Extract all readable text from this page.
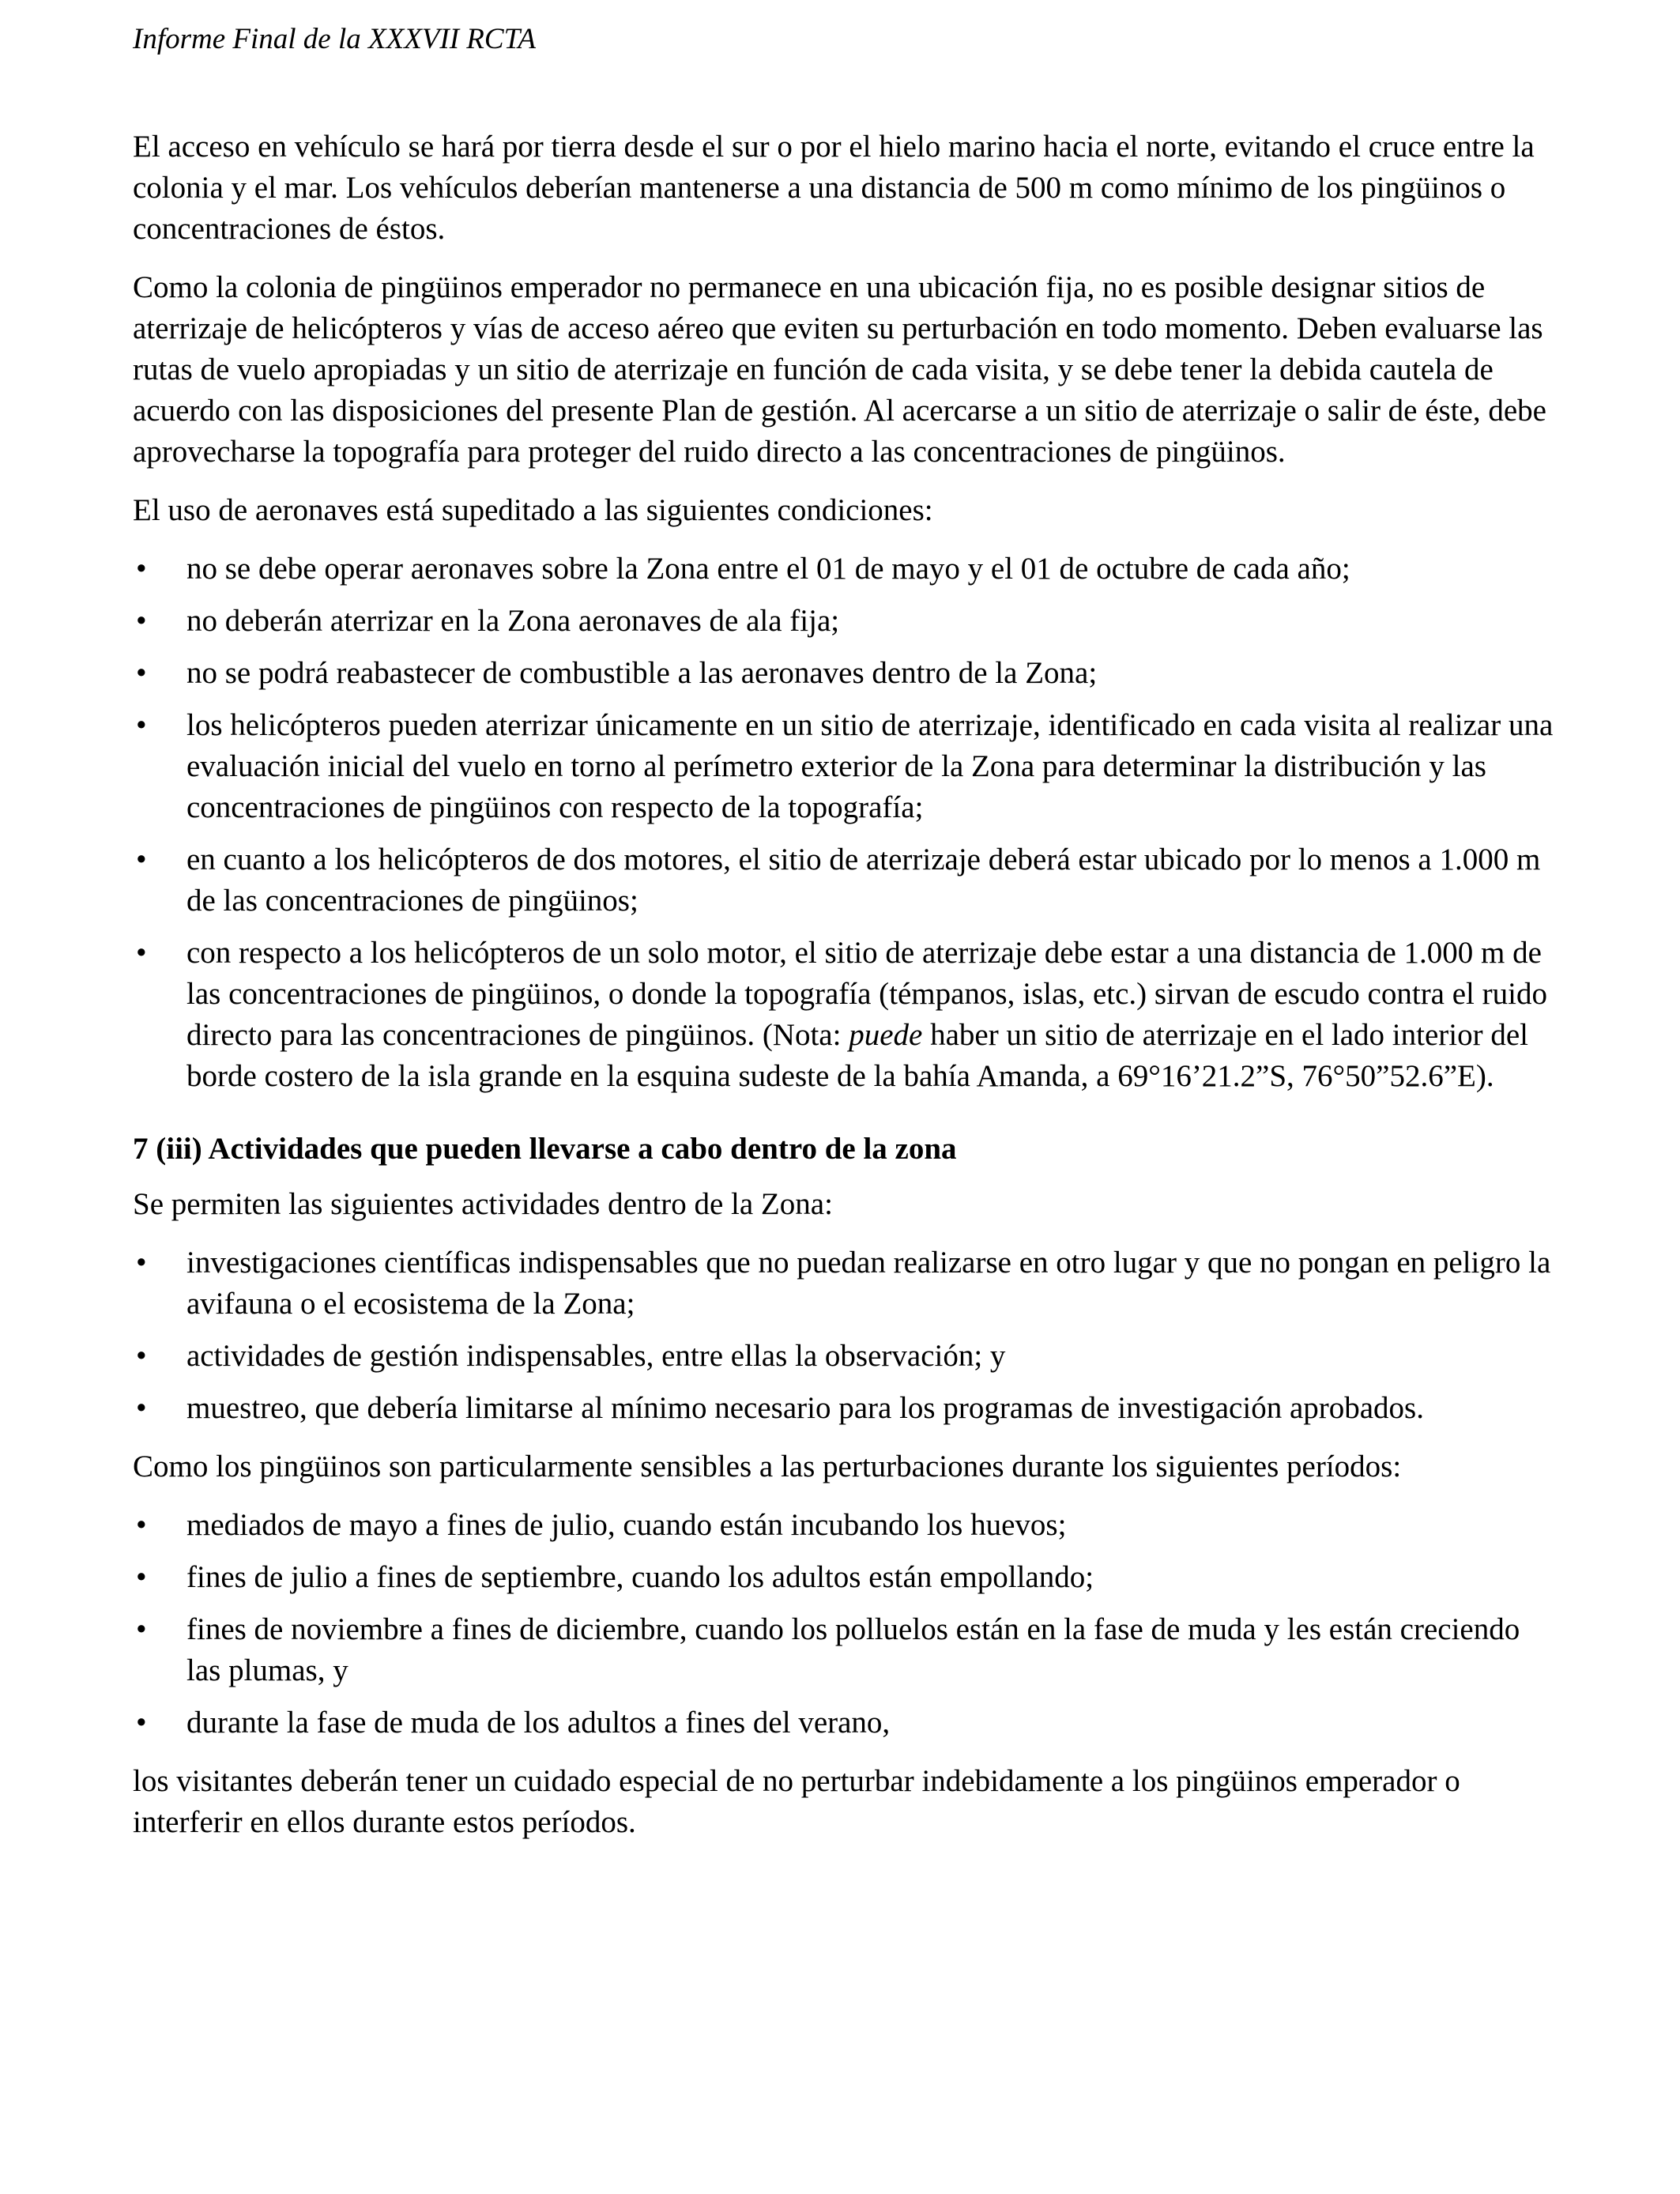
Informe Final de la XXXVII RCTA

El acceso en vehículo se hará por tierra desde el sur o por el hielo marino hacia el norte, evitando el cruce entre la colonia y el mar. Los vehículos deberían mantenerse a una distancia de 500 m como mínimo de los pingüinos o concentraciones de éstos.

Como la colonia de pingüinos emperador no permanece en una ubicación fija, no es posible designar sitios de aterrizaje de helicópteros y vías de acceso aéreo que eviten su perturbación en todo momento. Deben evaluarse las rutas de vuelo apropiadas y un sitio de aterrizaje en función de cada visita, y se debe tener la debida cautela de acuerdo con las disposiciones del presente Plan de gestión. Al acercarse a un sitio de aterrizaje o salir de éste, debe aprovecharse la topografía para proteger del ruido directo a las concentraciones de pingüinos.

El uso de aeronaves está supeditado a las siguientes condiciones:

•	no se debe operar aeronaves sobre la Zona entre el 01 de mayo y el 01 de octubre de cada año;
•	no deberán aterrizar en la Zona aeronaves de ala fija;
•	no se podrá reabastecer de combustible a las aeronaves dentro de la Zona;
•	los helicópteros pueden aterrizar únicamente en un sitio de aterrizaje, identificado en cada visita al realizar una evaluación inicial del vuelo en torno al perímetro exterior de la Zona para determinar la distribución y las concentraciones de pingüinos con respecto de la topografía;
•	en cuanto a los helicópteros de dos motores, el sitio de aterrizaje deberá estar ubicado por lo menos a 1.000 m de las concentraciones de pingüinos;
•	con respecto a los helicópteros de un solo motor, el sitio de aterrizaje debe estar a una distancia de 1.000 m de las concentraciones de pingüinos, o donde la topografía (témpanos, islas, etc.) sirvan de escudo contra el ruido directo para las concentraciones de pingüinos. (Nota: puede haber un sitio de aterrizaje en el lado interior del borde costero de la isla grande en la esquina sudeste de la bahía Amanda, a 69°16’21.2”S, 76°50”52.6”E).
7 (iii) Actividades que pueden llevarse a cabo dentro de la zona

Se permiten las siguientes actividades dentro de la Zona:

•	investigaciones científicas indispensables que no puedan realizarse en otro lugar y que no pongan en peligro la avifauna o el ecosistema de la Zona;
•	actividades de gestión indispensables, entre ellas la observación; y
•	muestreo, que debería limitarse al mínimo necesario para los programas de investigación aprobados.

Como los pingüinos son particularmente sensibles a las perturbaciones durante los siguientes períodos:

•	mediados de mayo a fines de julio, cuando están incubando los huevos;
•	fines de julio a fines de septiembre, cuando los adultos están empollando;
•	fines de noviembre a fines de diciembre, cuando los polluelos están en la fase de muda y les están creciendo las plumas, y
•	durante la fase de muda de los adultos a fines del verano,

los visitantes deberán tener un cuidado especial de no perturbar indebidamente a los pingüinos emperador o interferir en ellos durante estos períodos.
